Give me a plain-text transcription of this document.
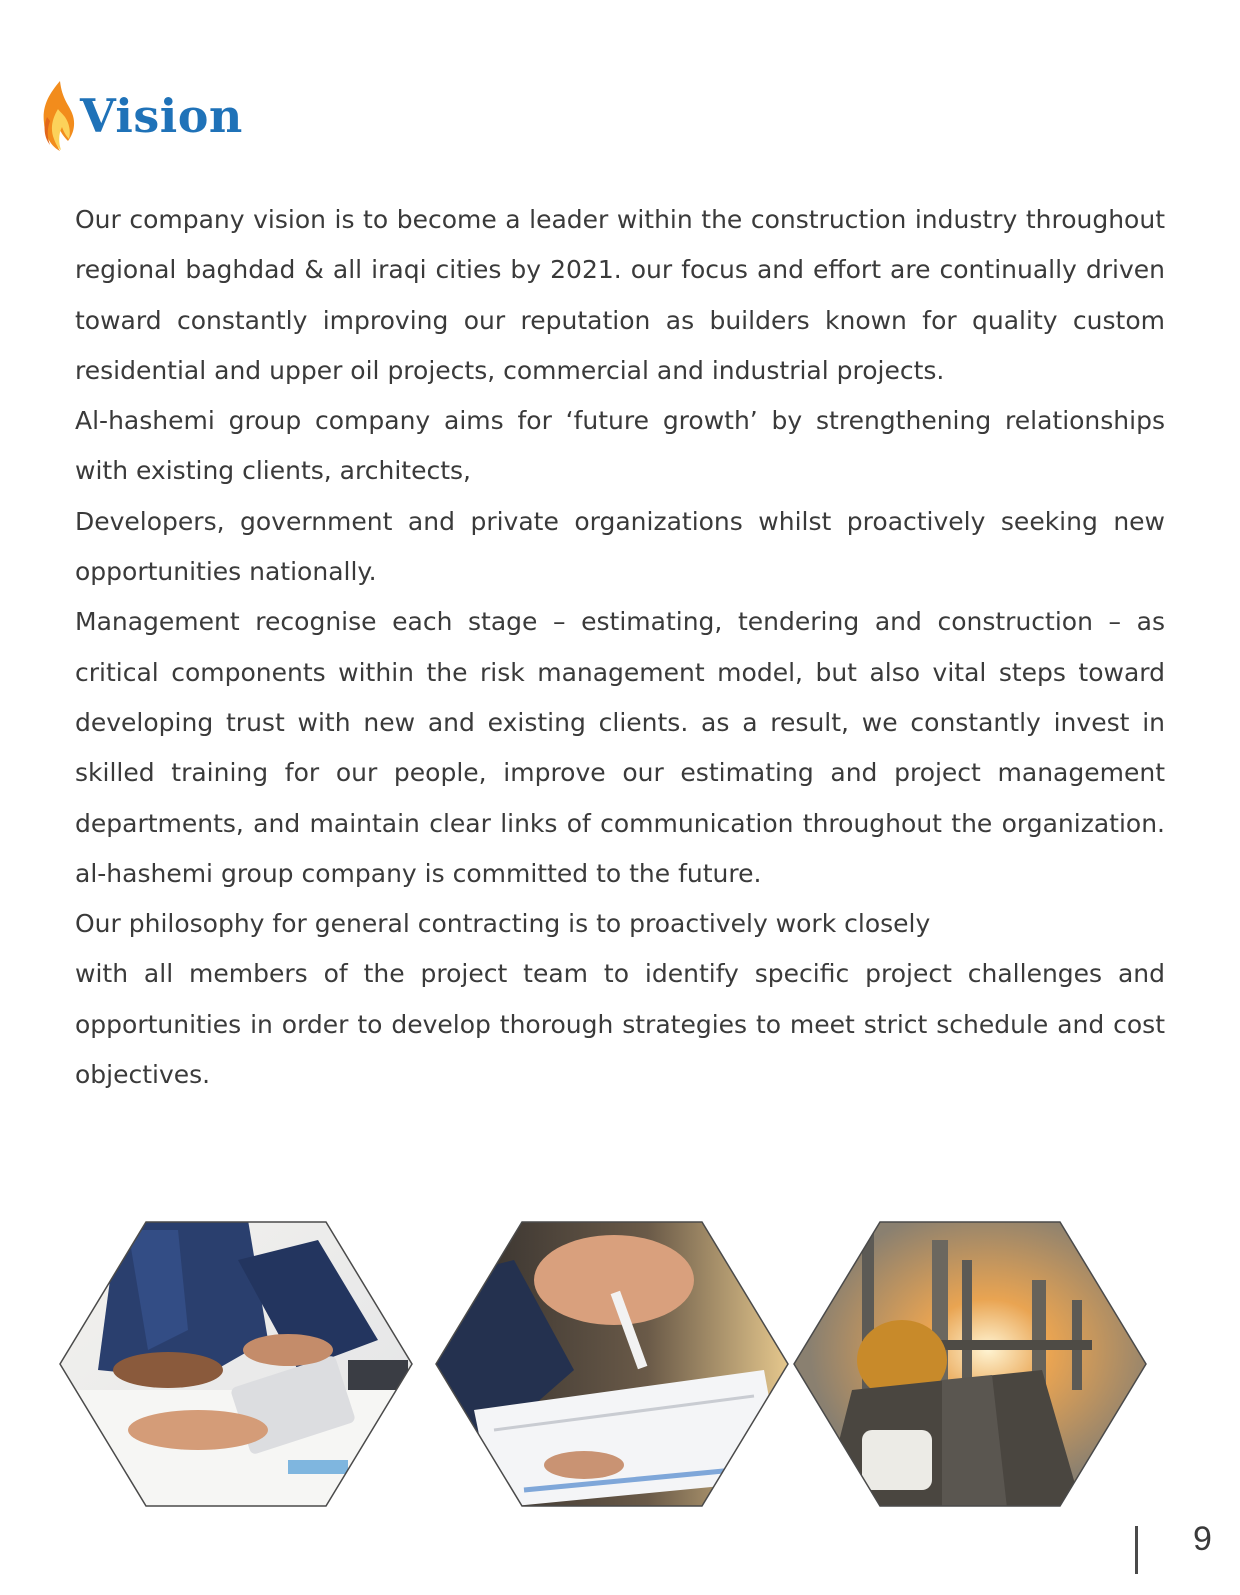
Vision

Our company vision is to become a leader within the construction industry throughout regional baghdad & all iraqi cities by 2021. our focus and effort are continually driven toward constantly improving our reputation as builders known for quality custom residential and upper oil projects, commercial and industrial projects.

Al-hashemi group company aims for ‘future growth’ by strengthening relationships with existing clients, architects,

Developers, government and private organizations whilst proactively seeking new opportunities nationally.

Management recognise each stage – estimating, tendering and construction – as critical components within the risk management model, but also vital steps toward developing trust with new and existing clients. as a result, we constantly invest in skilled training for our people, improve our estimating and project management departments, and maintain clear links of communication throughout the organization. al-hashemi group company is committed to the future.

Our philosophy for general contracting is to proactively work closely

with all members of the project team to identify specific project challenges and opportunities in order to develop thorough strategies to meet strict schedule and cost objectives.

9
